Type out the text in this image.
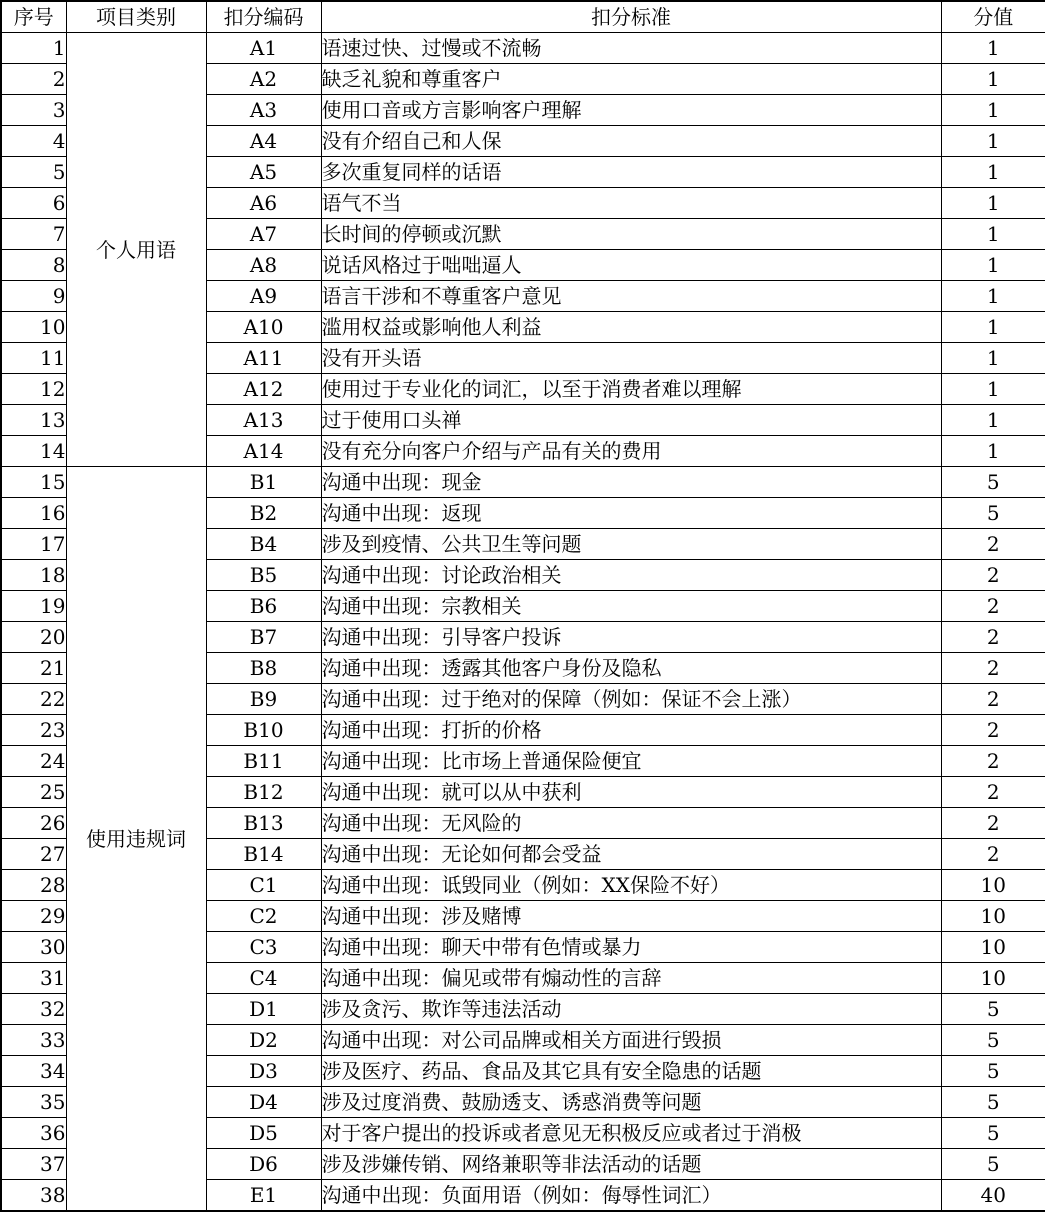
序号	项目类别	扣分编码	扣分标准	分值
1	个人用语	A1	语速过快、过慢或不流畅	1
2		A2	缺乏礼貌和尊重客户	1
3		A3	使用口音或方言影响客户理解	1
4		A4	没有介绍自己和人保	1
5		A5	多次重复同样的话语	1
6		A6	语气不当	1
7		A7	长时间的停顿或沉默	1
8		A8	说话风格过于咄咄逼人	1
9		A9	语言干涉和不尊重客户意见	1
10		A10	滥用权益或影响他人利益	1
11		A11	没有开头语	1
12		A12	使用过于专业化的词汇，以至于消费者难以理解	1
13		A13	过于使用口头禅	1
14		A14	没有充分向客户介绍与产品有关的费用	1
15	使用违规词	B1	沟通中出现：现金	5
16		B2	沟通中出现：返现	5
17		B4	涉及到疫情、公共卫生等问题	2
18		B5	沟通中出现：讨论政治相关	2
19		B6	沟通中出现：宗教相关	2
20		B7	沟通中出现：引导客户投诉	2
21		B8	沟通中出现：透露其他客户身份及隐私	2
22		B9	沟通中出现：过于绝对的保障（例如：保证不会上涨）	2
23		B10	沟通中出现：打折的价格	2
24		B11	沟通中出现：比市场上普通保险便宜	2
25		B12	沟通中出现：就可以从中获利	2
26		B13	沟通中出现：无风险的	2
27		B14	沟通中出现：无论如何都会受益	2
28		C1	沟通中出现：诋毁同业（例如：XX保险不好）	10
29		C2	沟通中出现：涉及赌博	10
30		C3	沟通中出现：聊天中带有色情或暴力	10
31		C4	沟通中出现：偏见或带有煽动性的言辞	10
32		D1	涉及贪污、欺诈等违法活动	5
33		D2	沟通中出现：对公司品牌或相关方面进行毁损	5
34		D3	涉及医疗、药品、食品及其它具有安全隐患的话题	5
35		D4	涉及过度消费、鼓励透支、诱惑消费等问题	5
36		D5	对于客户提出的投诉或者意见无积极反应或者过于消极	5
37		D6	涉及涉嫌传销、网络兼职等非法活动的话题	5
38		E1	沟通中出现：负面用语（例如：侮辱性词汇）	40
